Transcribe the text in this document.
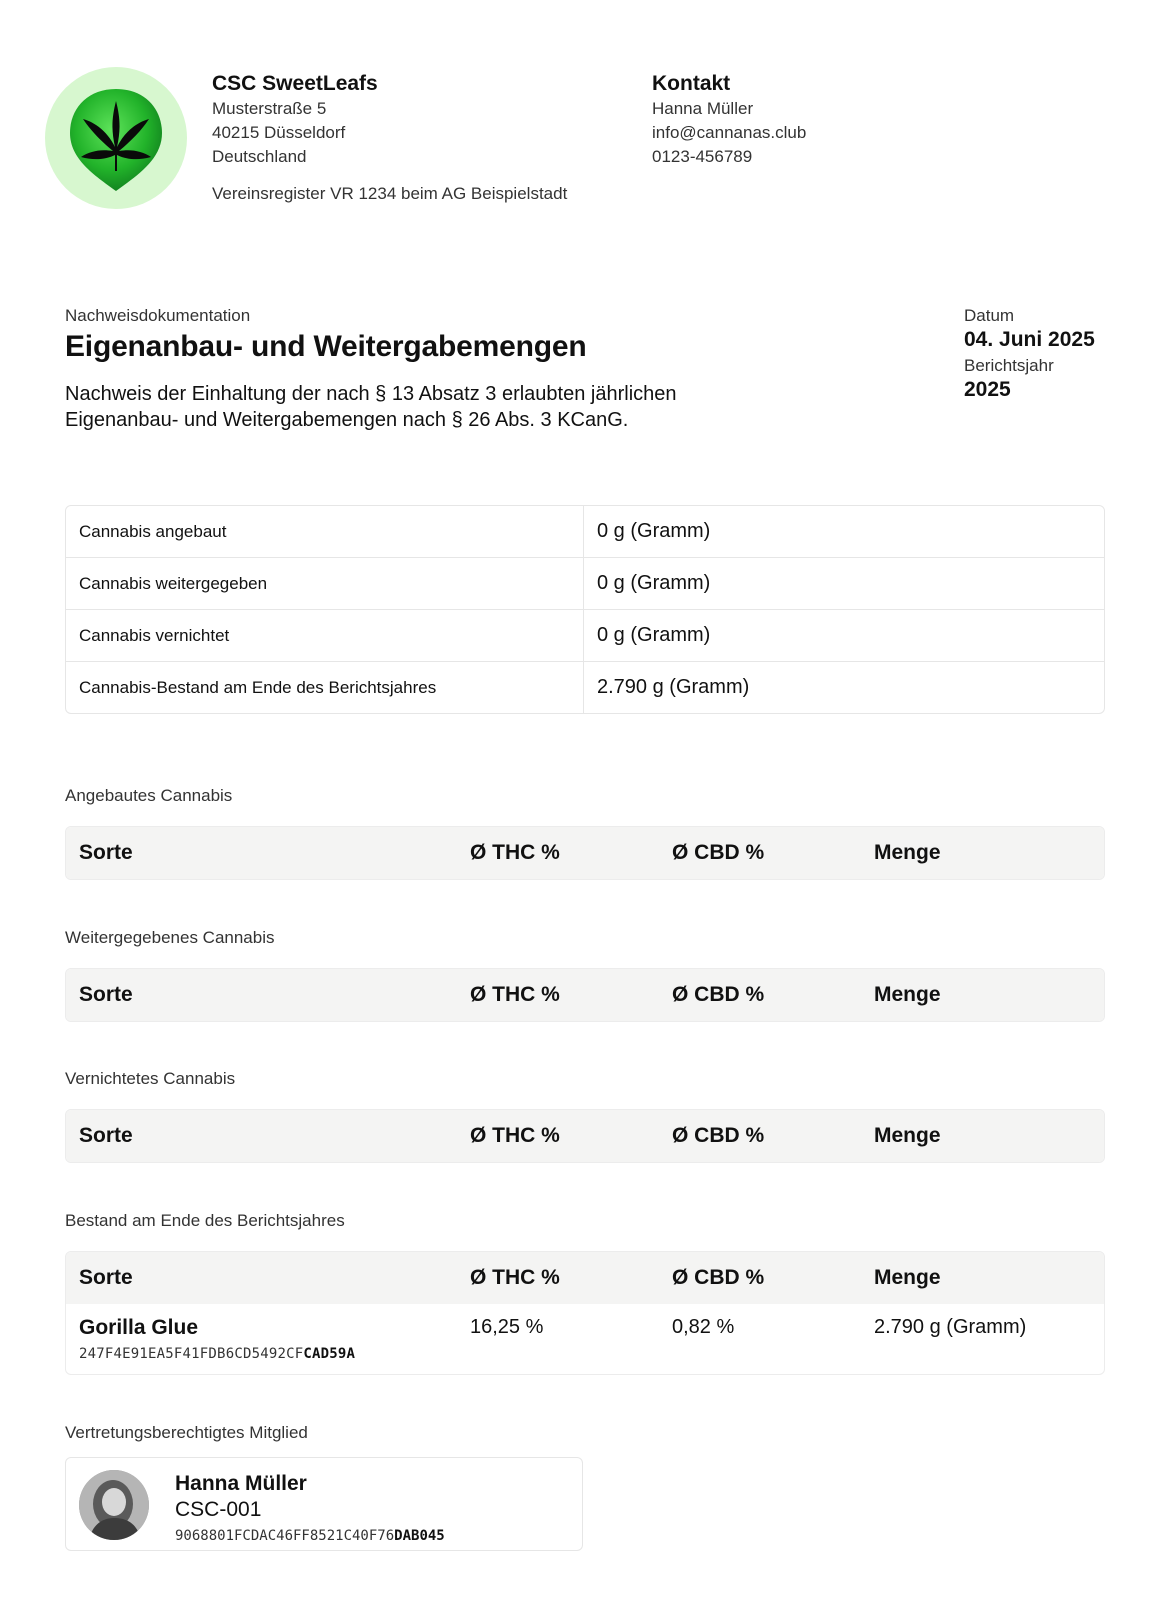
CSC SweetLeafs
Musterstraße 5
40215 Düsseldorf
Deutschland
Vereinsregister VR 1234 beim AG Beispielstadt
Kontakt
Hanna Müller
info@cannanas.club
0123-456789
Nachweisdokumentation
Eigenanbau- und Weitergabemengen
Nachweis der Einhaltung der nach § 13 Absatz 3 erlaubten jährlichen Eigenanbau- und Weitergabemengen nach § 26 Abs. 3 KCanG.
Datum
04. Juni 2025
Berichtsjahr
2025
Cannabis angebaut	0 g (Gramm)
Cannabis weitergegeben	0 g (Gramm)
Cannabis vernichtet	0 g (Gramm)
Cannabis-Bestand am Ende des Berichtsjahres	2.790 g (Gramm)
Angebautes Cannabis
Sorte	Ø THC %	Ø CBD %	Menge
Weitergegebenes Cannabis
Sorte	Ø THC %	Ø CBD %	Menge
Vernichtetes Cannabis
Sorte	Ø THC %	Ø CBD %	Menge
Bestand am Ende des Berichtsjahres
Sorte	Ø THC %	Ø CBD %	Menge
Gorilla Glue
247F4E91EA5F41FDB6CD5492CFCAD59A
16,25 %	0,82 %	2.790 g (Gramm)
Vertretungsberechtigtes Mitglied
Hanna Müller
CSC-001
9068801FCDAC46FF8521C40F76DAB045
